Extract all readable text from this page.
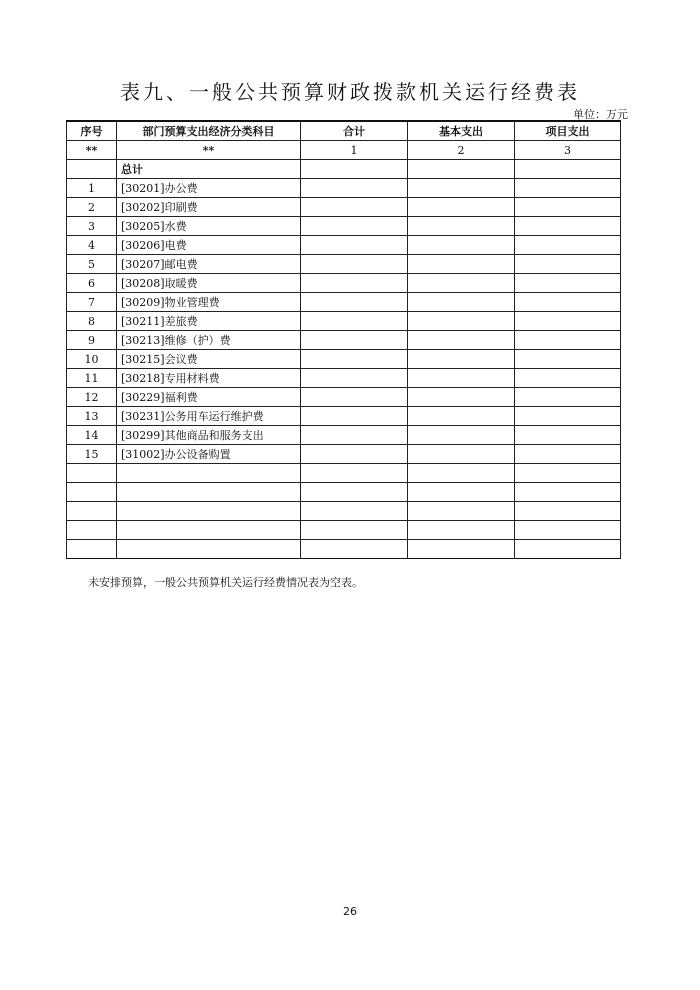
表九、一般公共预算财政拨款机关运行经费表
单位：万元
序号	部门预算支出经济分类科目	合计	基本支出	项目支出
**	**	1	2	3
	总计			
1	[30201]办公费			
2	[30202]印刷费			
3	[30205]水费			
4	[30206]电费			
5	[30207]邮电费			
6	[30208]取暖费			
7	[30209]物业管理费			
8	[30211]差旅费			
9	[30213]维修（护）费			
10	[30215]会议费			
11	[30218]专用材料费			
12	[30229]福利费			
13	[30231]公务用车运行维护费			
14	[30299]其他商品和服务支出			
15	[31002]办公设备购置			

未安排预算，一般公共预算机关运行经费情况表为空表。
26
